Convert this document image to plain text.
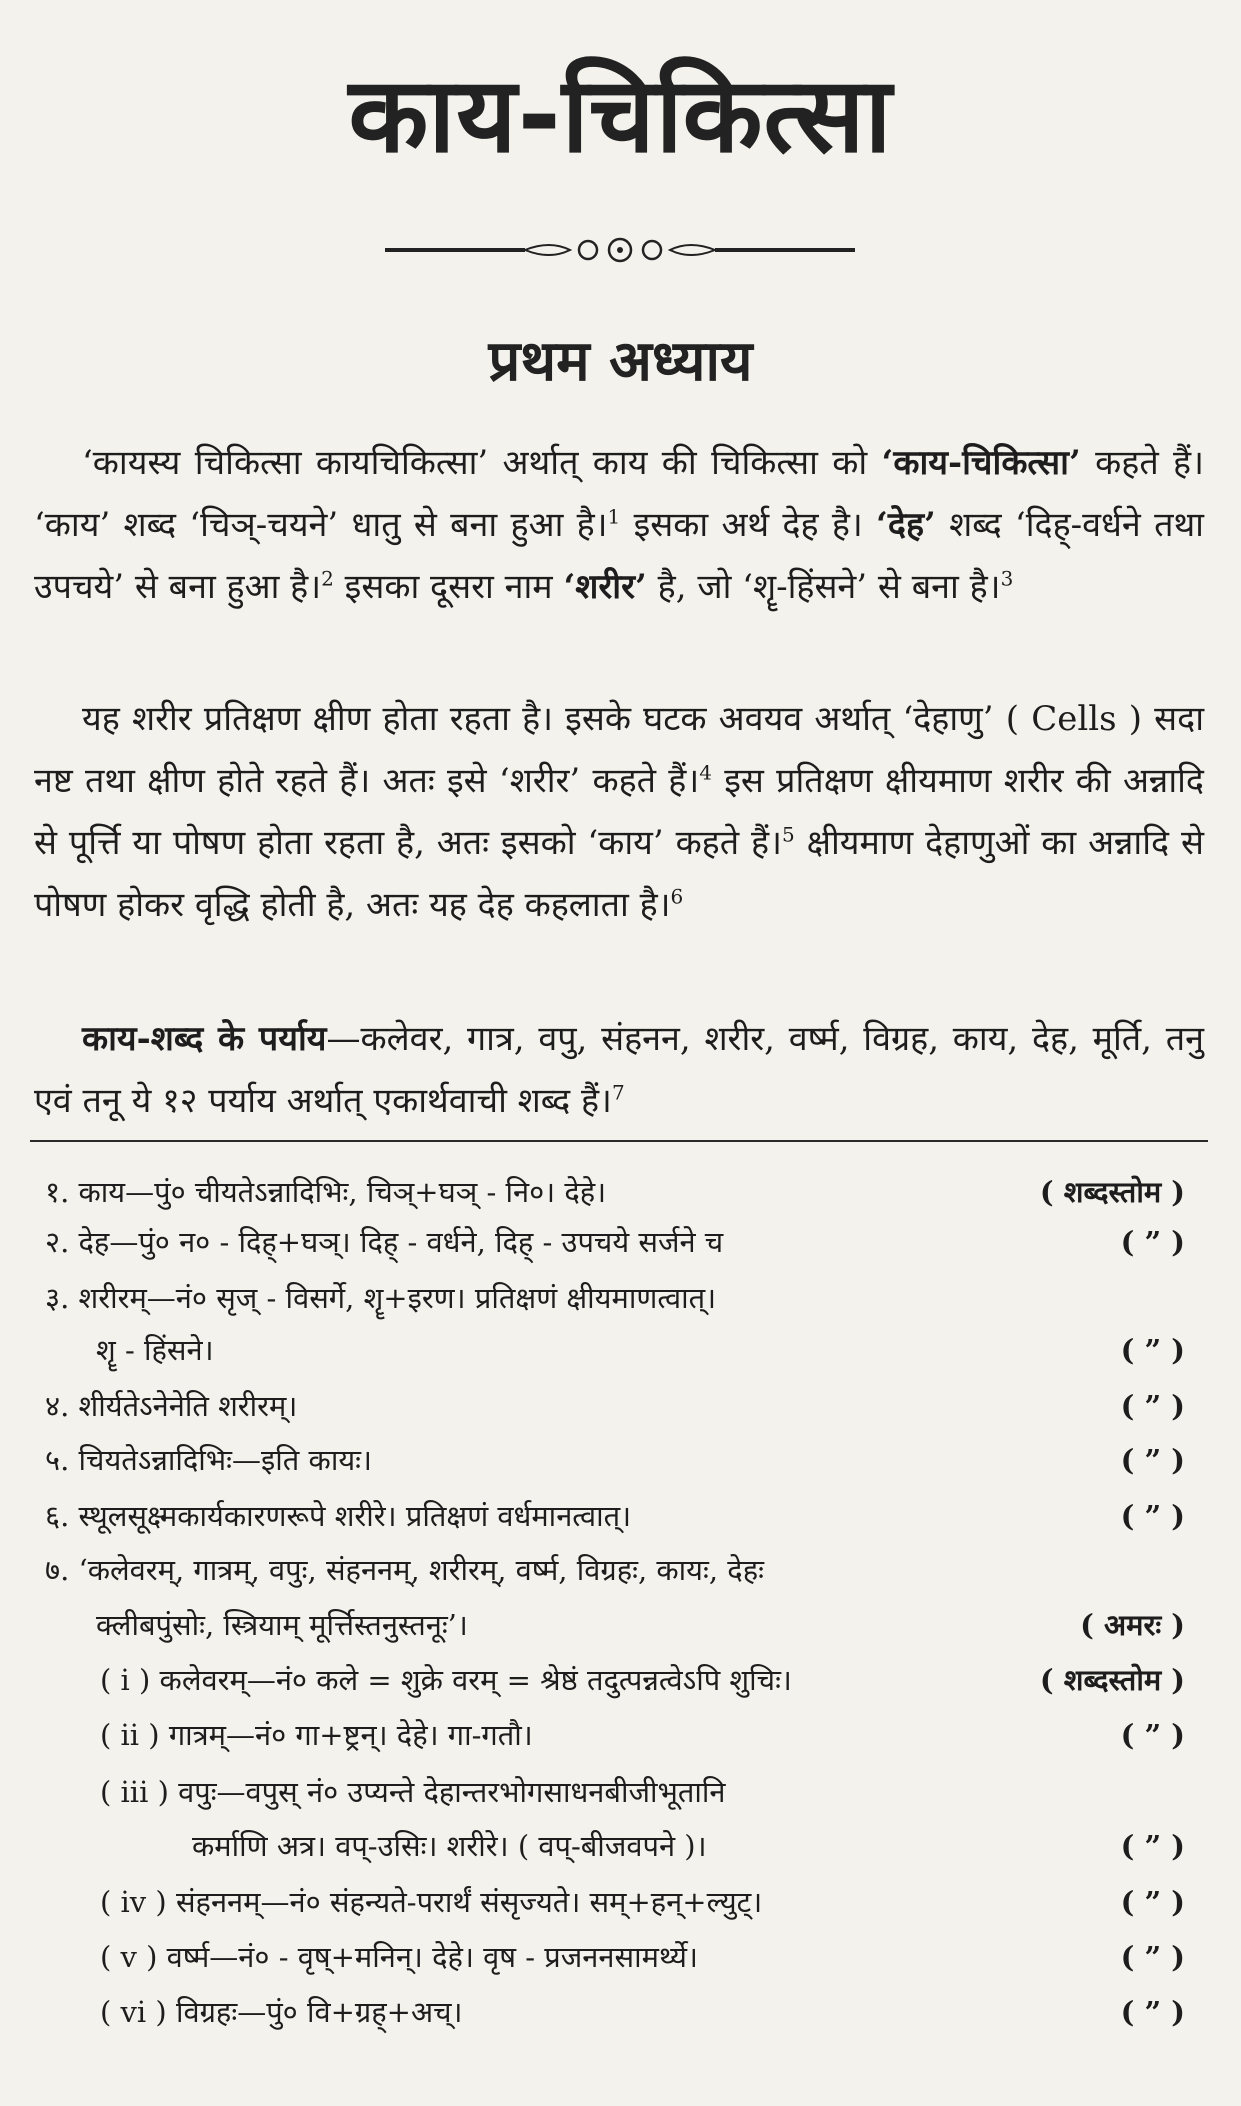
काय-चिकित्सा
प्रथम अध्याय

‘कायस्य चिकित्सा कायचिकित्सा’ अर्थात् काय की चिकित्सा को ‘काय-चिकित्सा’ कहते हैं। ‘काय’ शब्द ‘चिञ्-चयने’ धातु से बना हुआ है।$^1$ इसका अर्थ देह है। ‘देह’ शब्द ‘दिह्-वर्धने तथा उपचये’ से बना हुआ है।$^2$ इसका दूसरा नाम ‘शरीर’ है, जो ‘शॄ-हिंसने’ से बना है।$^3$

यह शरीर प्रतिक्षण क्षीण होता रहता है। इसके घटक अवयव अर्थात् ‘देहाणु’ ( Cells ) सदा नष्ट तथा क्षीण होते रहते हैं। अतः इसे ‘शरीर’ कहते हैं।$^4$ इस प्रतिक्षण क्षीयमाण शरीर की अन्नादि से पूर्त्ति या पोषण होता रहता है, अतः इसको ‘काय’ कहते हैं।$^5$ क्षीयमाण देहाणुओं का अन्नादि से पोषण होकर वृद्धि होती है, अतः यह देह कहलाता है।$^6$

काय-शब्द के पर्याय—कलेवर, गात्र, वपु, संहनन, शरीर, वर्ष्म, विग्रह, काय, देह, मूर्ति, तनु एवं तनू ये १२ पर्याय अर्थात् एकार्थवाची शब्द हैं।$^7$

१. काय—पुं० चीयतेऽन्नादिभिः, चिञ्+घञ् - नि०। देहे।	( शब्दस्तोम )
२. देह—पुं० न० - दिह्+घञ्। दिह् - वर्धने, दिह् - उपचये सर्जने च	( ” )
३. शरीरम्—नं० सृज् - विसर्गे, शॄ+इरण। प्रतिक्षणं क्षीयमाणत्वात्।
शॄ - हिंसने।	( ” )
४. शीर्यतेऽनेनेति शरीरम्।	( ” )
५. चियतेऽन्नादिभिः—इति कायः।	( ” )
६. स्थूलसूक्ष्मकार्यकारणरूपे शरीरे। प्रतिक्षणं वर्धमानत्वात्।	( ” )
७. ‘कलेवरम्, गात्रम्, वपुः, संहननम्, शरीरम्, वर्ष्म, विग्रहः, कायः, देहः
क्लीबपुंसोः, स्त्रियाम् मूर्त्तिस्तनुस्तनूः’।	( अमरः )
( i ) कलेवरम्—नं० कले = शुक्रे वरम् = श्रेष्ठं तदुत्पन्नत्वेऽपि शुचिः।	( शब्दस्तोम )
( ii ) गात्रम्—नं० गा+ष्ट्रन्। देहे। गा-गतौ।	( ” )
( iii ) वपुः—वपुस् नं० उप्यन्ते देहान्तरभोगसाधनबीजीभूतानि
कर्माणि अत्र। वप्-उसिः। शरीरे। ( वप्-बीजवपने )।	( ” )
( iv ) संहननम्—नं० संहन्यते-परार्थं संसृज्यते। सम्+हन्+ल्युट्।	( ” )
( v ) वर्ष्म—नं० - वृष्+मनिन्। देहे। वृष - प्रजननसामर्थ्ये।	( ” )
( vi ) विग्रहः—पुं० वि+ग्रह्+अच्।	( ” )
